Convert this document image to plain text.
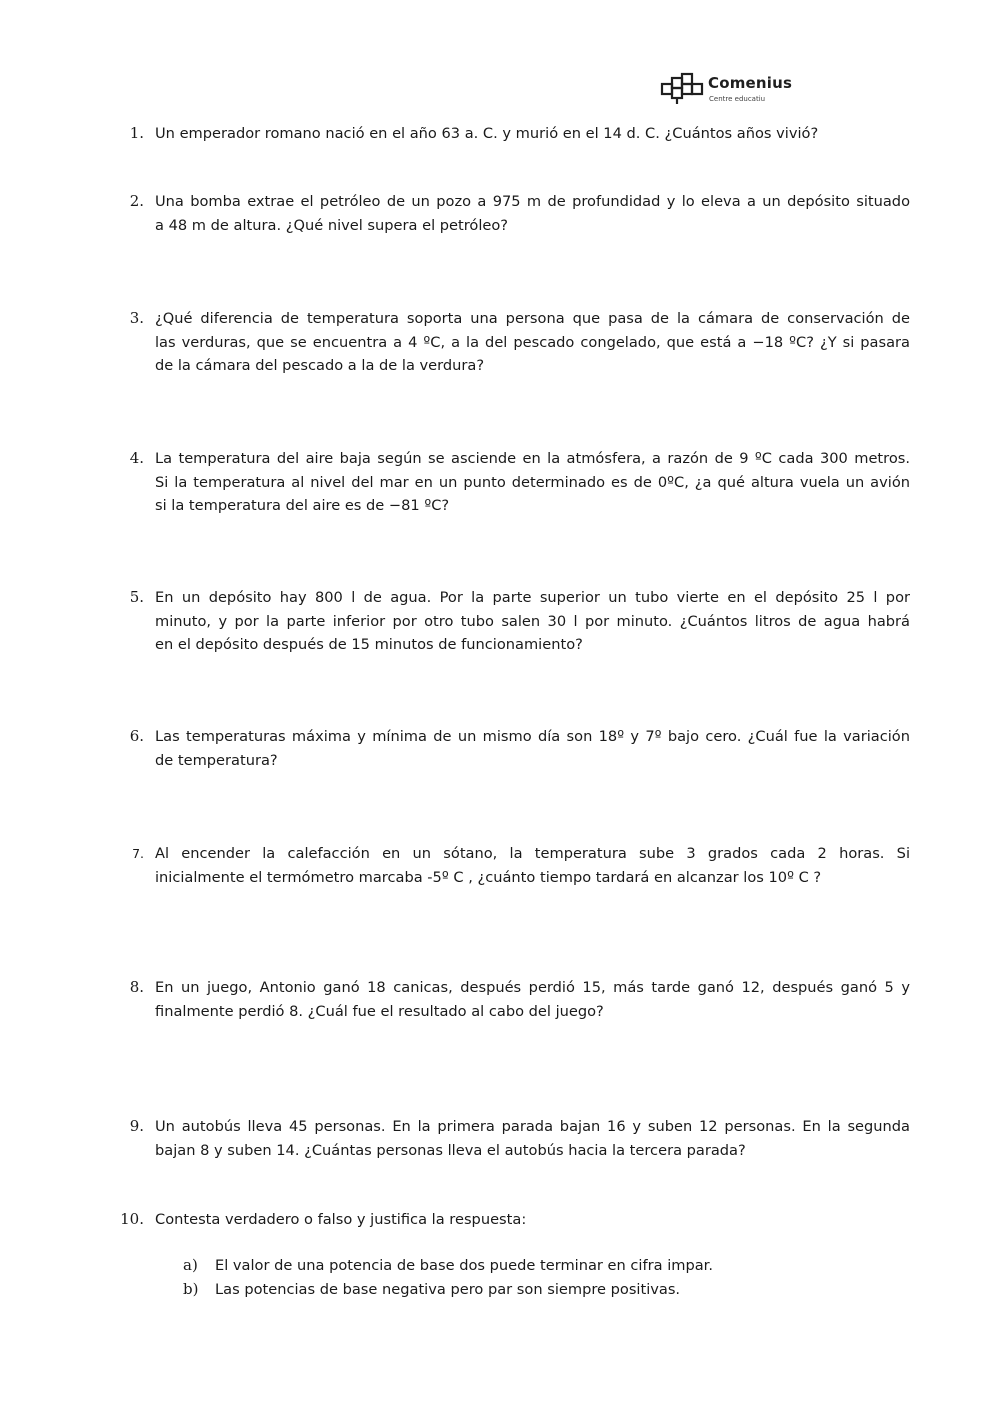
Comenius
Centre educatiu
1. Un emperador romano nació en el año 63 a. C. y murió en el 14 d. C. ¿Cuántos años vivió?
2. Una bomba extrae el petróleo de un pozo a 975 m de profundidad y lo eleva a un depósito situado
a 48 m de altura. ¿Qué nivel supera el petróleo?
3. ¿Qué diferencia de temperatura soporta una persona que pasa de la cámara de conservación de
las verduras, que se encuentra a 4 ºC, a la del pescado congelado, que está a −18 ºC? ¿Y si pasara
de la cámara del pescado a la de la verdura?
4. La temperatura del aire baja según se asciende en la atmósfera, a razón de 9 ºC cada 300 metros.
Si la temperatura al nivel del mar en un punto determinado es de 0ºC, ¿a qué altura vuela un avión
si la temperatura del aire es de −81 ºC?
5. En un depósito hay 800 l de agua. Por la parte superior un tubo vierte en el depósito 25 l por
minuto, y por la parte inferior por otro tubo salen 30 l por minuto. ¿Cuántos litros de agua habrá
en el depósito después de 15 minutos de funcionamiento?
6. Las temperaturas máxima y mínima de un mismo día son 18º y 7º bajo cero. ¿Cuál fue la variación
de temperatura?
7. Al encender la calefacción en un sótano, la temperatura sube 3 grados cada 2 horas. Si
inicialmente el termómetro marcaba -5º C , ¿cuánto tiempo tardará en alcanzar los 10º C ?
8. En un juego, Antonio ganó 18 canicas, después perdió 15, más tarde ganó 12, después ganó 5 y
finalmente perdió 8. ¿Cuál fue el resultado al cabo del juego?
9. Un autobús lleva 45 personas. En la primera parada bajan 16 y suben 12 personas. En la segunda
bajan 8 y suben 14. ¿Cuántas personas lleva el autobús hacia la tercera parada?
10. Contesta verdadero o falso y justifica la respuesta:
a) El valor de una potencia de base dos puede terminar en cifra impar.
b) Las potencias de base negativa pero par son siempre positivas.
